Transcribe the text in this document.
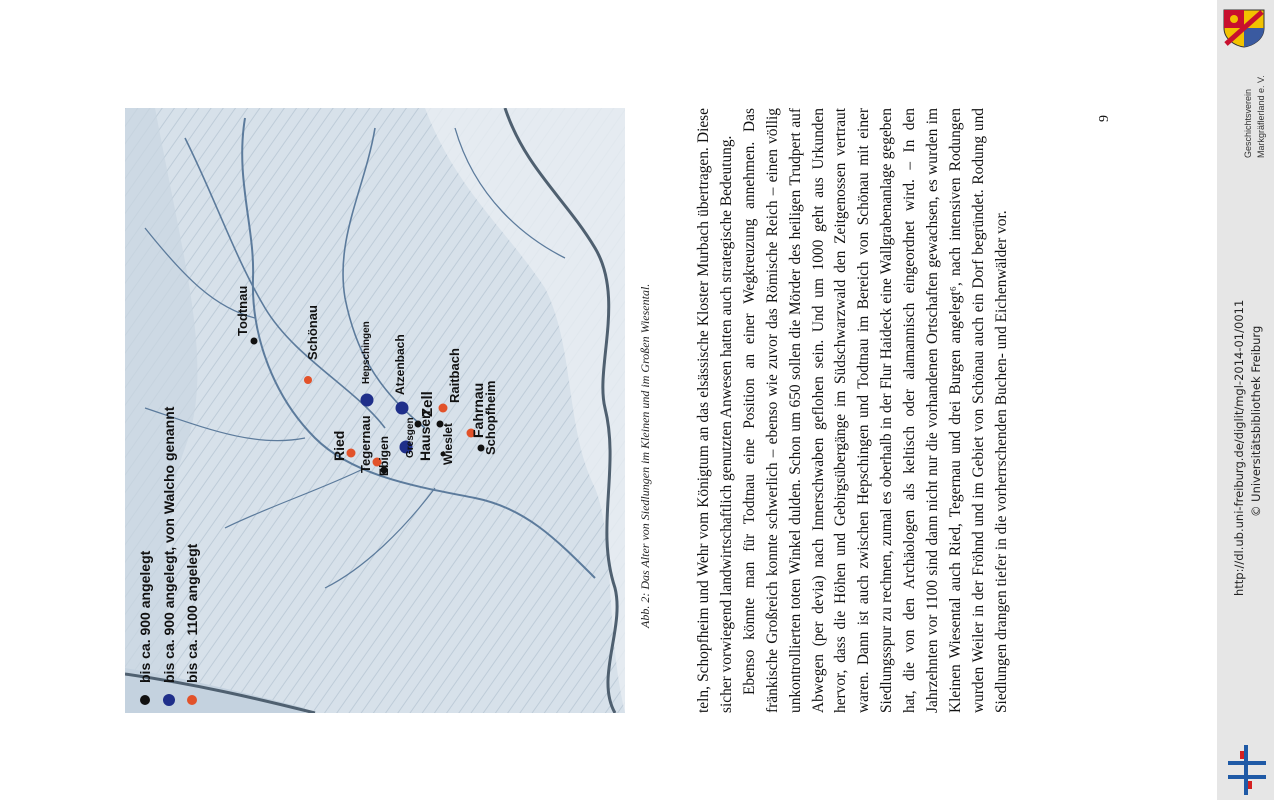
bis ca. 900 angelegt bis ca. 900 angelegt, von Walcho genannt bis ca. 1100 angelegt
Todtnau	Schönau	Hepschingen Atzenbach	Raitbach
Zell Fahrnau
Hausen Wieslet Schopfheim
Ried Tegernau Ebigen Gresgen	Abb. 2: Das Alter von Siedlungen im Kleinen und im Großen Wiesental.	teln, Schopfheim und Wehr vom Königtum an das elsässische Kloster Murbach übertragen. Diese sicher vorwiegend landwirtschaftlich genutzten Anwesen hatten auch strategische Bedeutung. Ebenso könnte man für Todtnau eine Position an einer Wegkreuzung annehmen. Das fränkische Großreich konnte schwerlich – ebenso wie zuvor das Römische Reich – einen völlig unkontrollierten toten Winkel dulden. Schon um 650 sollen die Mörder des heiligen Trudpert auf Abwegen (per devia) nach Innerschwaben geflohen sein. Und um 1000 geht aus Urkunden hervor, dass die Höhen und Gebirgsübergänge im Südschwarzwald den Zeitgenossen vertraut waren. Dann ist auch zwischen Hepschingen und Todtnau im Bereich von Schönau mit einer Siedlungsspur zu rechnen, zumal es oberhalb in der Flur Haideck eine Wallgrabenanlage gegeben hat, die von den Archäologen als keltisch oder alamannisch eingeordnet wird. – In den Jahrzehnten vor 1100 sind dann nicht nur die vorhandenen Ortschaften gewachsen, es wurden im Kleinen Wiesental auch Ried, Tegernau und drei Burgen angelegt⁶, nach intensiven Rodungen wurden Weiler in der Fröhnd und im Gebiet von Schönau auch ein Dorf begründet. Rodung und Siedlungen drangen tiefer in die vorherrschenden Buchen- und Eichenwälder vor.

9	Geschichtsverein Markgräflerland e. V.
http://dl.ub.uni-freiburg.de/diglit/mgl-2014-01/0011 © Universitätsbibliothek Freiburg
